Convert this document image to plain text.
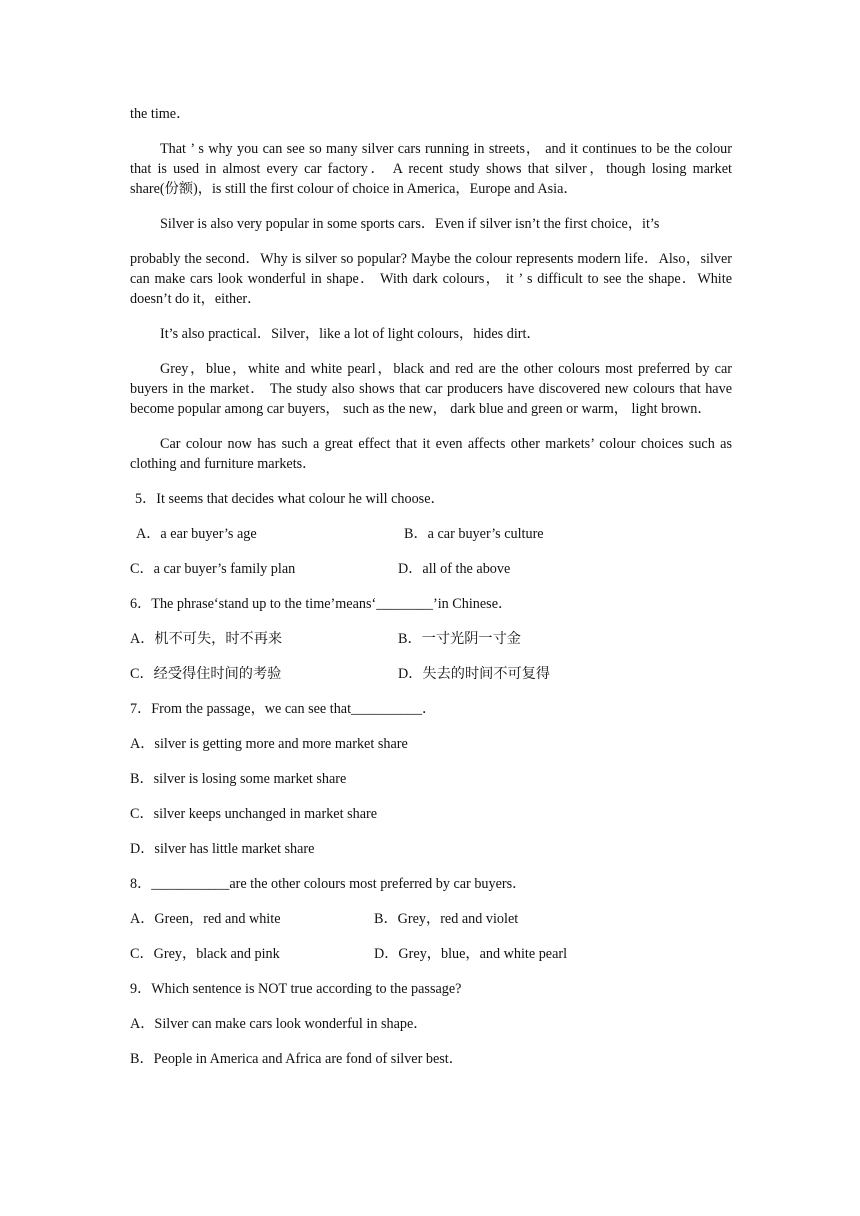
the time．

That ’ s why you can see so many silver cars running in streets， and it continues to be the colour that is used in almost every car factory． A recent study shows that silver，though losing market share(份额)，is still the first colour of choice in America，Europe and Asia．

Silver is also very popular in some sports cars．Even if silver isn’t the first choice，it’s

probably the second．Why is silver so popular? Maybe the colour represents modern life．Also，silver can make cars look wonderful in shape． With dark colours， it ’ s difficult to see the shape．White doesn’t do it，either．

It’s also practical．Silver，like a lot of light colours，hides dirt．

Grey，blue，white and white pearl，black and red are the other colours most preferred by car buyers in the market． The study also shows that car producers have discovered new colours that have become popular among car buyers， such as the new， dark blue and green or warm， light brown．

Car colour now has such a great effect that it even affects other markets’ colour choices such as clothing and furniture markets．

5．It seems that decides what colour he will choose．

A．a ear buyer’s age	B．a car buyer’s culture
C．a car buyer’s family plan	D．all of the above

6．The phrase‘stand up to the time’means‘________’in Chinese．

A．机不可失，时不再来	B．一寸光阴一寸金
C．经受得住时间的考验	D．失去的时间不可复得

7．From the passage，we can see that__________．

A．silver is getting more and more market share

B．silver is losing some market share

C．silver keeps unchanged in market share

D．silver has little market share

8．___________are the other colours most preferred by car buyers．

A．Green，red and white	B．Grey，red and violet
C．Grey，black and pink	D．Grey，blue，and white pearl

9．Which sentence is NOT true according to the passage?

A．Silver can make cars look wonderful in shape．

B．People in America and Africa are fond of silver best．
